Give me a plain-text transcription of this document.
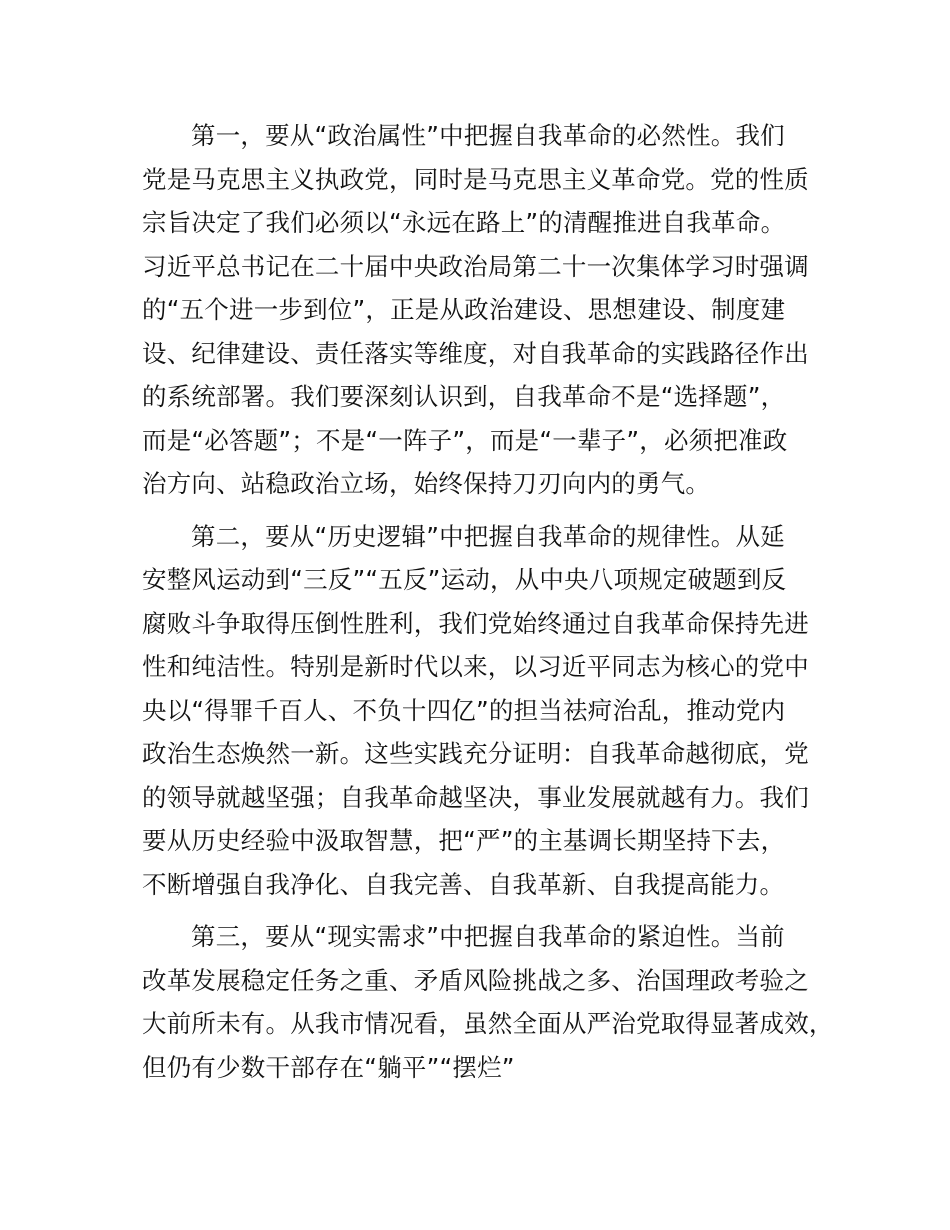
第一，要从“政治属性”中把握自我革命的必然性。我们
党是马克思主义执政党，同时是马克思主义革命党。党的性质
宗旨决定了我们必须以“永远在路上”的清醒推进自我革命。
习近平总书记在二十届中央政治局第二十一次集体学习时强调
的“五个进一步到位”，正是从政治建设、思想建设、制度建
设、纪律建设、责任落实等维度，对自我革命的实践路径作出
的系统部署。我们要深刻认识到，自我革命不是“选择题”，
而是“必答题”；不是“一阵子”，而是“一辈子”，必须把准政
治方向、站稳政治立场，始终保持刀刃向内的勇气。
第二，要从“历史逻辑”中把握自我革命的规律性。从延
安整风运动到“三反”“五反”运动，从中央八项规定破题到反
腐败斗争取得压倒性胜利，我们党始终通过自我革命保持先进
性和纯洁性。特别是新时代以来，以习近平同志为核心的党中
央以“得罪千百人、不负十四亿”的担当祛疴治乱，推动党内
政治生态焕然一新。这些实践充分证明：自我革命越彻底，党
的领导就越坚强；自我革命越坚决，事业发展就越有力。我们
要从历史经验中汲取智慧，把“严”的主基调长期坚持下去，
不断增强自我净化、自我完善、自我革新、自我提高能力。
第三，要从“现实需求”中把握自我革命的紧迫性。当前
改革发展稳定任务之重、矛盾风险挑战之多、治国理政考验之
大前所未有。从我市情况看，虽然全面从严治党取得显著成效，
但仍有少数干部存在“躺平”“摆烂”
